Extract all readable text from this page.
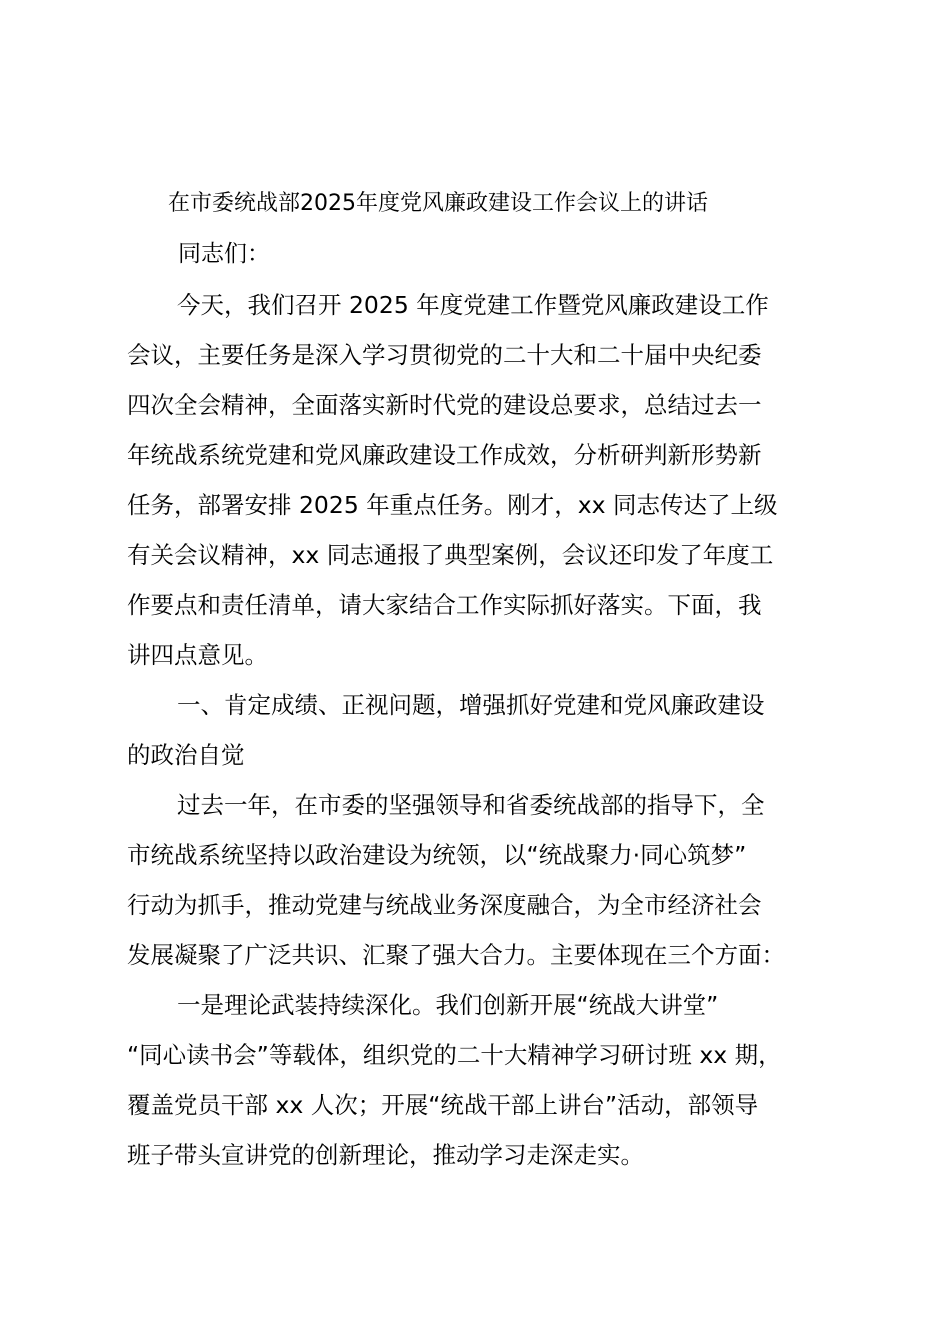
在市委统战部2025年度党风廉政建设工作会议上的讲话
同志们：
今天，我们召开 2025 年度党建工作暨党风廉政建设工作
会议，主要任务是深入学习贯彻党的二十大和二十届中央纪委
四次全会精神，全面落实新时代党的建设总要求，总结过去一
年统战系统党建和党风廉政建设工作成效，分析研判新形势新
任务，部署安排 2025 年重点任务。刚才，xx 同志传达了上级
有关会议精神，xx 同志通报了典型案例，会议还印发了年度工
作要点和责任清单，请大家结合工作实际抓好落实。下面，我
讲四点意见。
一、肯定成绩、正视问题，增强抓好党建和党风廉政建设
的政治自觉
过去一年，在市委的坚强领导和省委统战部的指导下，全
市统战系统坚持以政治建设为统领，以“统战聚力·同心筑梦”
行动为抓手，推动党建与统战业务深度融合，为全市经济社会
发展凝聚了广泛共识、汇聚了强大合力。主要体现在三个方面：
一是理论武装持续深化。我们创新开展“统战大讲堂”
“同心读书会”等载体，组织党的二十大精神学习研讨班 xx 期，
覆盖党员干部 xx 人次；开展“统战干部上讲台”活动，部领导
班子带头宣讲党的创新理论，推动学习走深走实。
